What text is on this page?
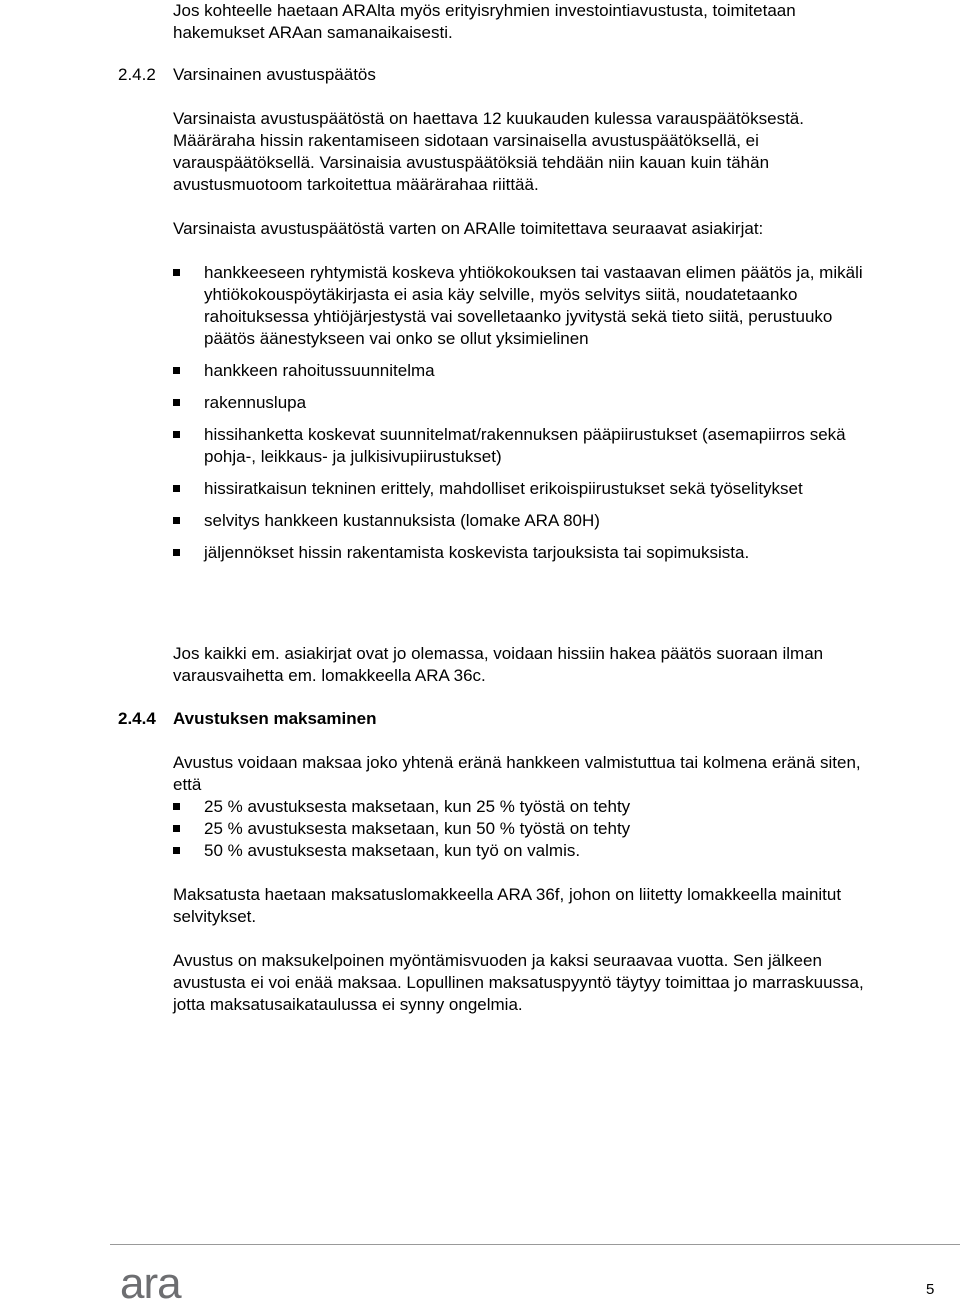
Jos kohteelle haetaan ARAlta myös erityisryhmien investointiavustusta, toimitetaan hakemukset ARAan samanaikaisesti.

2.4.2 Varsinainen avustuspäätös

Varsinaista avustuspäätöstä on haettava 12 kuukauden kulessa varauspäätöksestä. Määräraha hissin rakentamiseen sidotaan varsinaisella avustuspäätöksellä, ei varauspäätöksellä. Varsinaisia avustuspäätöksiä tehdään niin kauan kuin tähän avustusmuotoom tarkoitettua määrärahaa riittää.

Varsinaista avustuspäätöstä varten on ARAlle toimitettava seuraavat asiakirjat:

hankkeeseen ryhtymistä koskeva yhtiökokouksen tai vastaavan elimen päätös ja, mikäli yhtiökokouspöytäkirjasta ei asia käy selville, myös selvitys siitä, noudatetaanko rahoituksessa yhtiöjärjestystä vai sovelletaanko jyvitystä sekä tieto siitä, perustuuko päätös äänestykseen vai onko se ollut yksimielinen
hankkeen rahoitussuunnitelma
rakennuslupa
hissihanketta koskevat suunnitelmat/rakennuksen pääpiirustukset (asemapiirros sekä pohja-, leikkaus- ja julkisivupiirustukset)
hissiratkaisun tekninen erittely, mahdolliset erikoispiirustukset sekä työselitykset
selvitys hankkeen kustannuksista (lomake ARA 80H)
jäljennökset hissin rakentamista koskevista tarjouksista tai sopimuksista.

Jos kaikki em. asiakirjat ovat jo olemassa, voidaan hissiin hakea päätös suoraan ilman varausvaihetta em. lomakkeella ARA 36c.

2.4.4 Avustuksen maksaminen

Avustus voidaan maksaa joko yhtenä eränä hankkeen valmistuttua tai kolmena eränä siten, että

25 % avustuksesta maksetaan, kun 25 % työstä on tehty
25 % avustuksesta maksetaan, kun 50 % työstä on tehty
50 % avustuksesta maksetaan, kun työ on valmis.

Maksatusta haetaan maksatuslomakkeella ARA 36f, johon on liitetty lomakkeella mainitut selvitykset.

Avustus on maksukelpoinen myöntämisvuoden ja kaksi seuraavaa vuotta. Sen jälkeen avustusta ei voi enää maksaa. Lopullinen maksatuspyyntö täytyy toimittaa jo marraskuussa, jotta maksatusaikataulussa ei synny ongelmia.

ara	5
